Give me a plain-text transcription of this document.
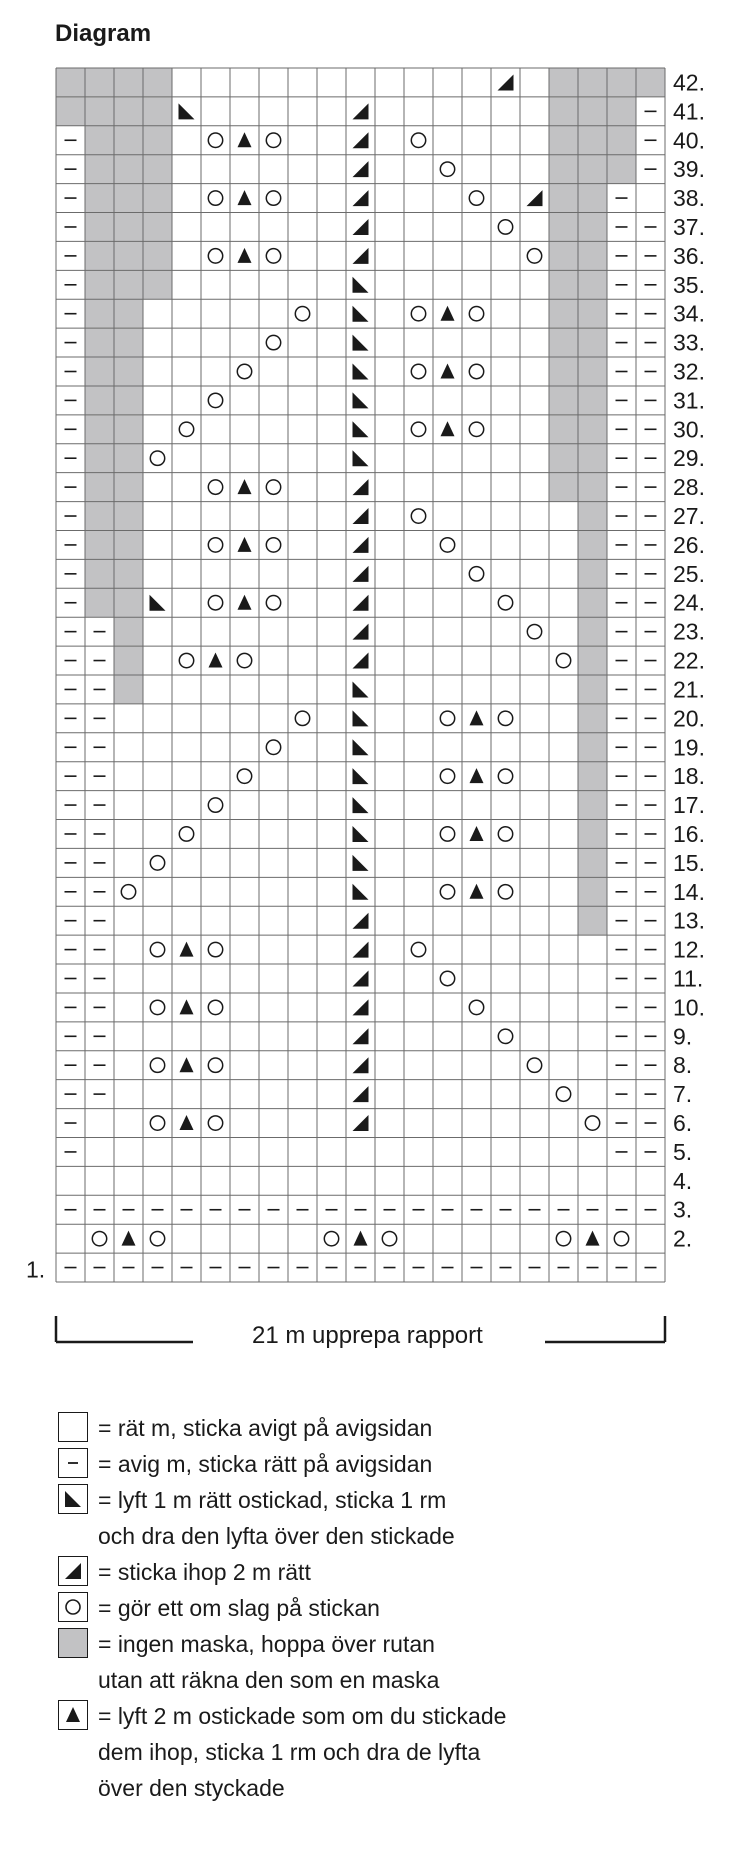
Diagram
2.
3.
4.
5.
6.
7.
8.
9.
10.
11.
12.
13.
14.
15.
16.
17.
18.
19.
20.
21.
22.
23.
24.
25.
26.
27.
28.
29.
30.
31.
32.
33.
34.
35.
36.
37.
38.
39.
40.
41.
42.
1.
21 m upprepa rapport
= rät m, sticka avigt på avigsidan
= avig m, sticka rätt på avigsidan
= lyft 1 m rätt ostickad, sticka 1 rm
och dra den lyfta över den stickade
= sticka ihop 2 m rätt
= gör ett om slag på stickan
= ingen maska, hoppa över rutan
utan att räkna den som en maska
= lyft 2 m ostickade som om du stickade
dem ihop, sticka 1 rm och dra de lyfta
över den styckade
